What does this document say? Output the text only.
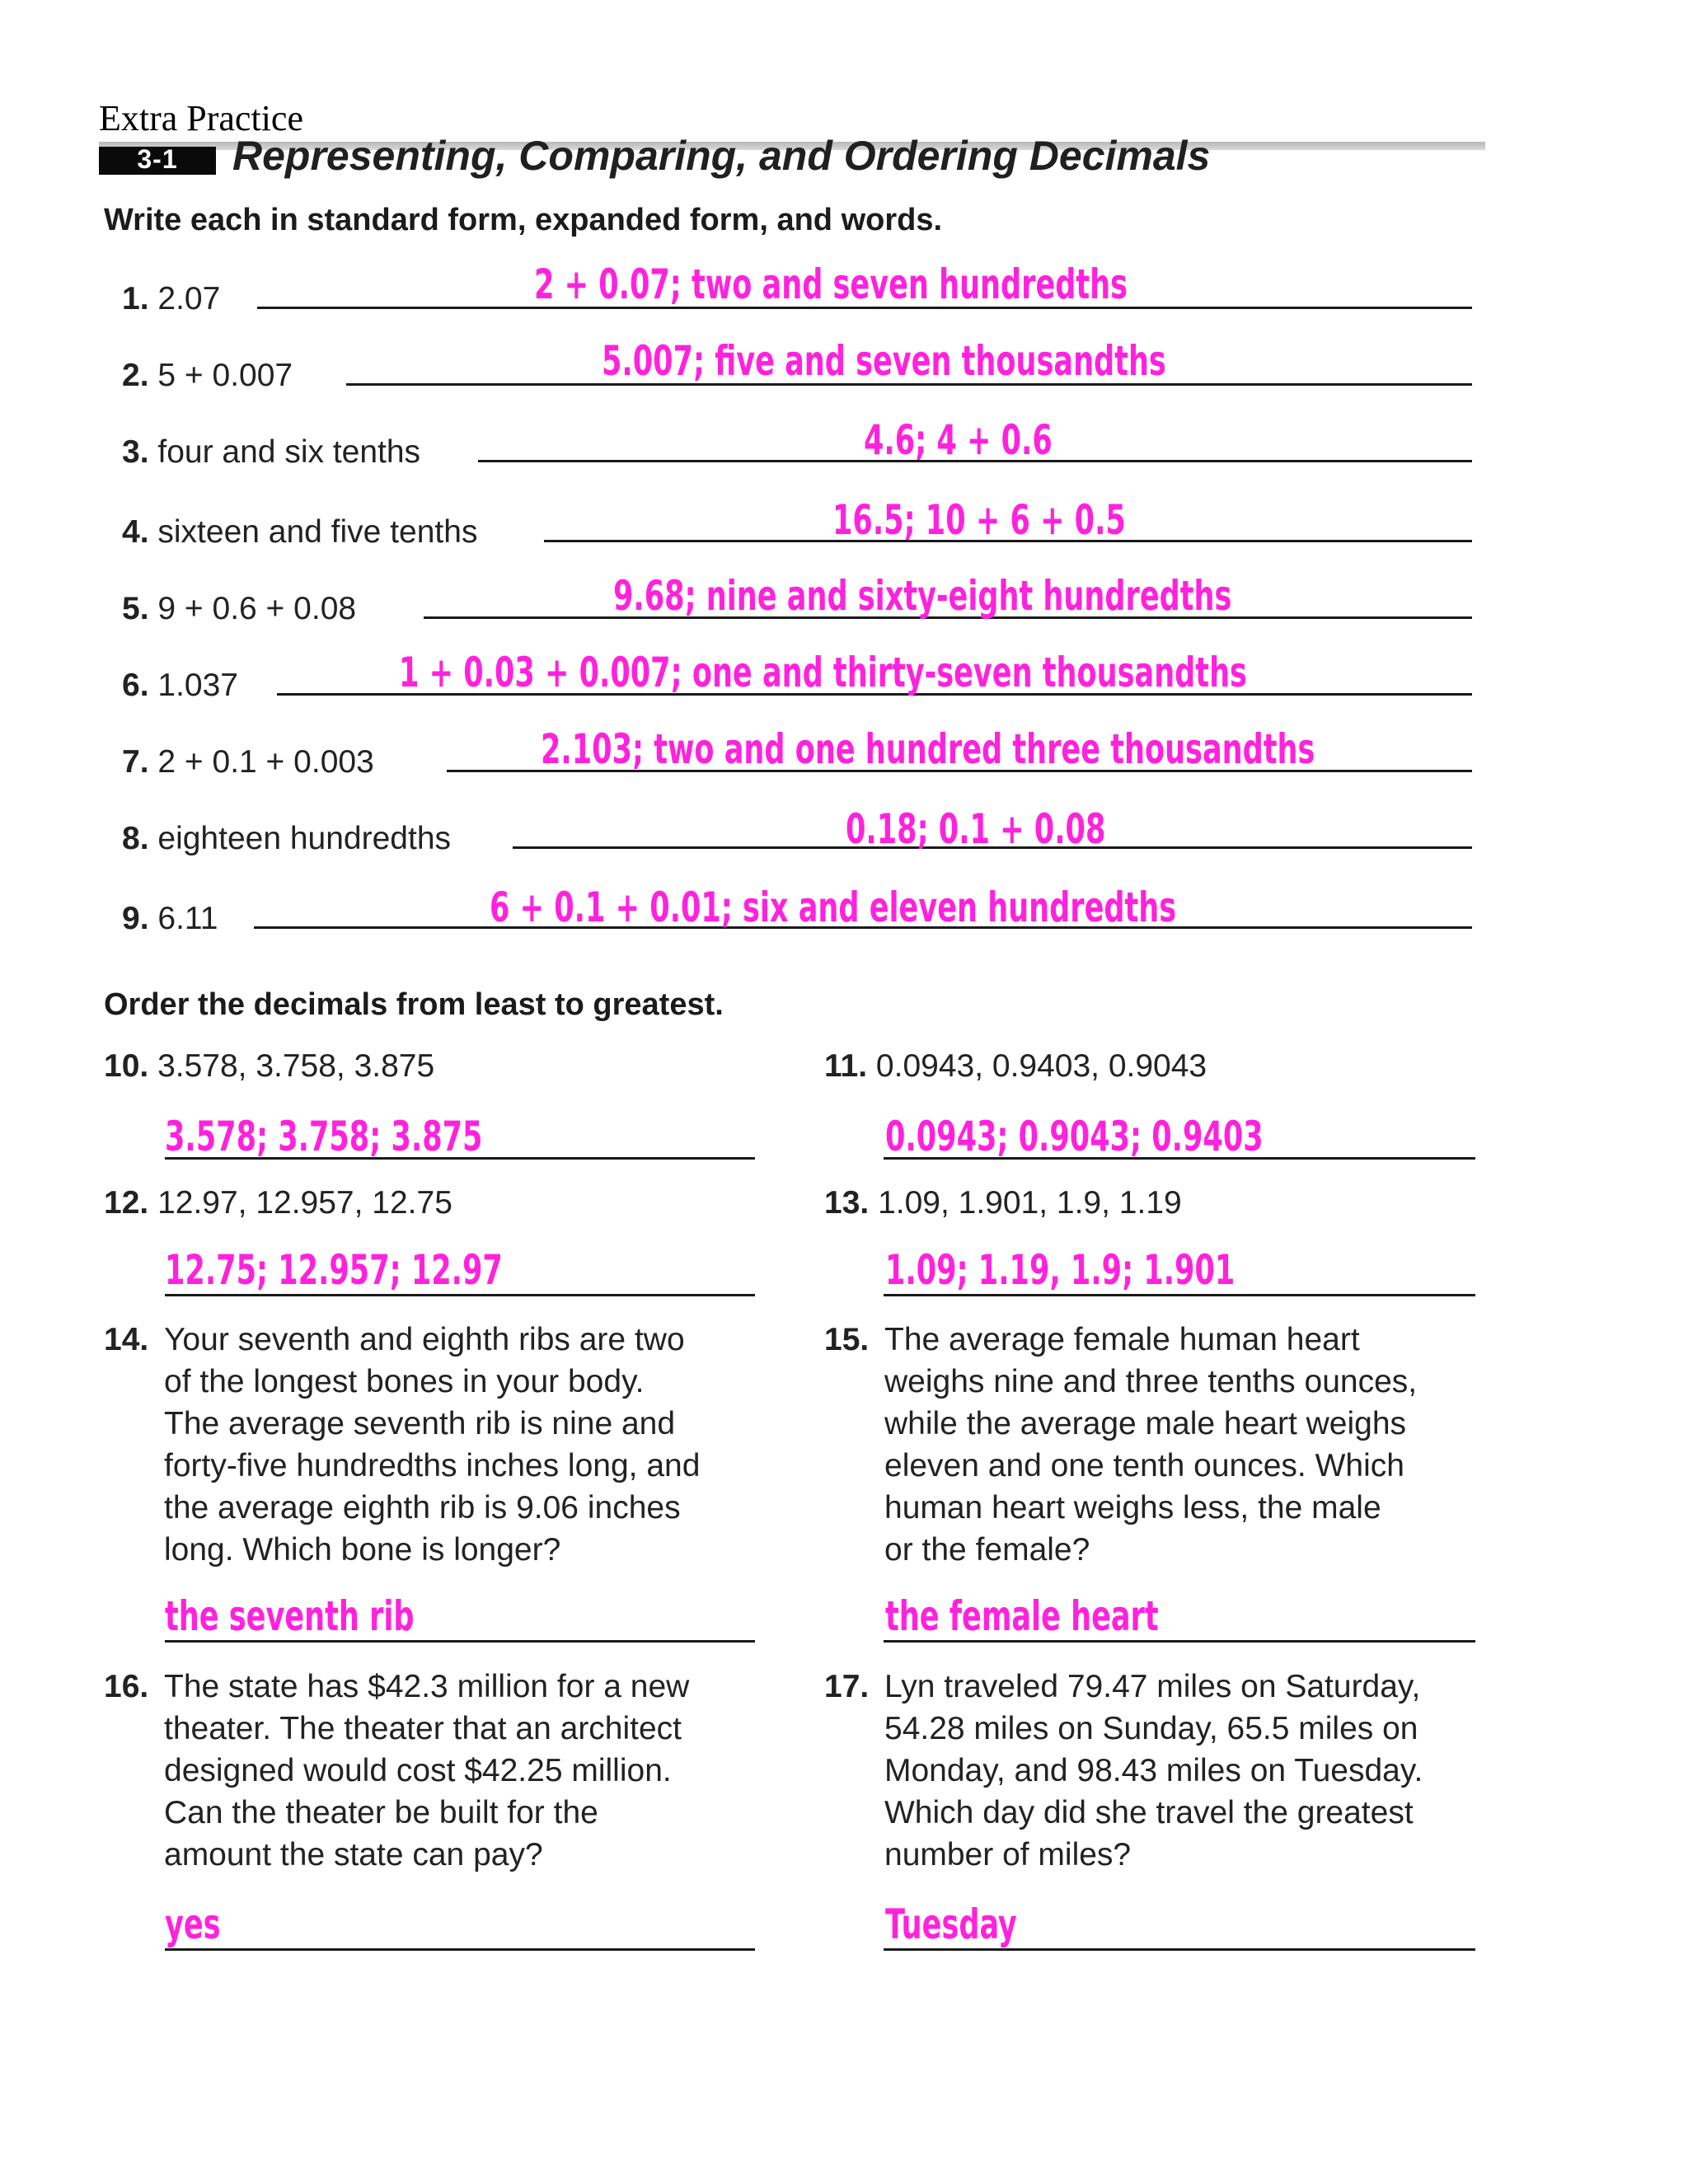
Extra Practice
3-1	Representing, Comparing, and Ordering Decimals
Write each in standard form, expanded form, and words.
1. 2.07	2 + 0.07; two and seven hundredths
2. 5 + 0.007	5.007; five and seven thousandths
3. four and six tenths	4.6; 4 + 0.6
4. sixteen and five tenths	16.5; 10 + 6 + 0.5
5. 9 + 0.6 + 0.08	9.68; nine and sixty-eight hundredths
6. 1.037	1 + 0.03 + 0.007; one and thirty-seven thousandths
7. 2 + 0.1 + 0.003	2.103; two and one hundred three thousandths
8. eighteen hundredths	0.18; 0.1 + 0.08
9. 6.11	6 + 0.1 + 0.01; six and eleven hundredths
Order the decimals from least to greatest.
10. 3.578, 3.758, 3.875
3.578; 3.758; 3.875
11. 0.0943, 0.9403, 0.9043
0.0943; 0.9043; 0.9403
12. 12.97, 12.957, 12.75
12.75; 12.957; 12.97
13. 1.09, 1.901, 1.9, 1.19
1.09; 1.19, 1.9; 1.901
14. Your seventh and eighth ribs are two
of the longest bones in your body.
The average seventh rib is nine and
forty-five hundredths inches long, and
the average eighth rib is 9.06 inches
long. Which bone is longer?
the seventh rib
15. The average female human heart
weighs nine and three tenths ounces,
while the average male heart weighs
eleven and one tenth ounces. Which
human heart weighs less, the male
or the female?
the female heart
16. The state has $42.3 million for a new
theater. The theater that an architect
designed would cost $42.25 million.
Can the theater be built for the
amount the state can pay?
yes
17. Lyn traveled 79.47 miles on Saturday,
54.28 miles on Sunday, 65.5 miles on
Monday, and 98.43 miles on Tuesday.
Which day did she travel the greatest
number of miles?
Tuesday
